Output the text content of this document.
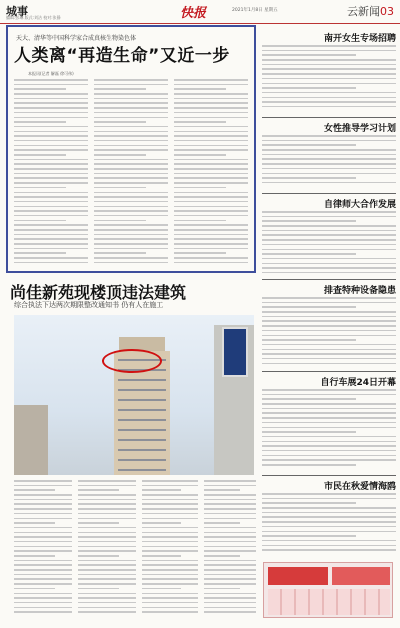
城事
编辑:彭琳 版式:刘洁 校对:张静	快报	2021年1月8日 星期五	云新闻03
天大、清华等中国科学家合成真核生物染色体
人类离“再造生命”又近一步
本报讯(记者 解磊 徐可伟)
南开女生专场招聘
女性推导学习计划
自律师大合作发展
排查特种设备隐患
自行车展24日开幕
市民在秋爱情海鸥
尚佳新苑现楼顶违法建筑
综合执法下达两次期限整改通知书 仍有人在施工
